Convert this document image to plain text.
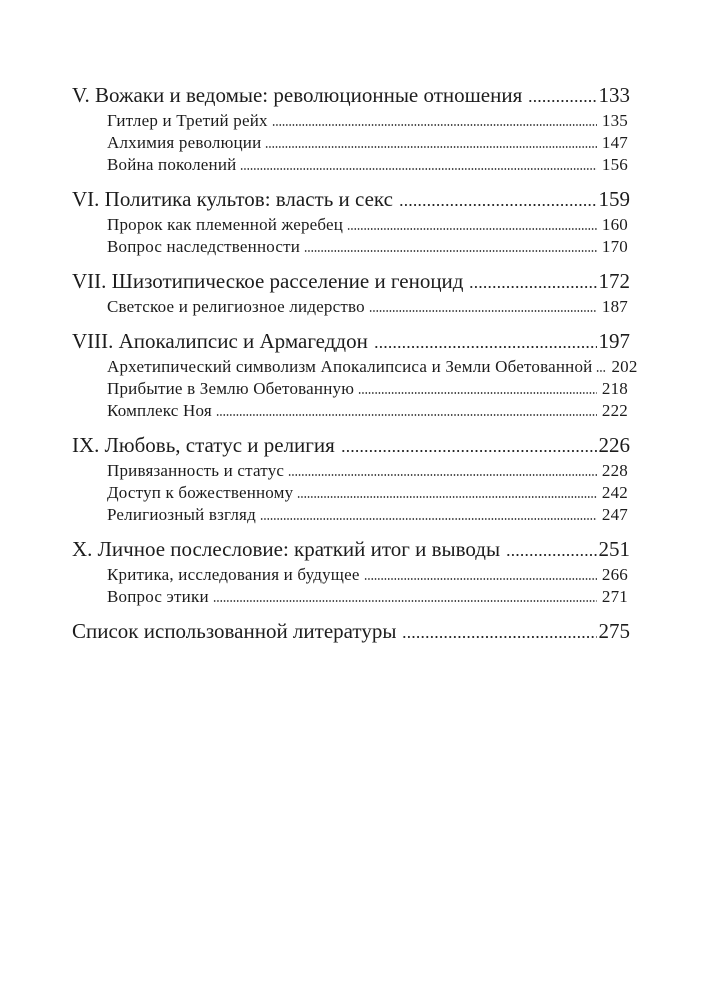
V. Вожаки и ведомые: революционные отношения	133
Гитлер и Третий рейх	135
Алхимия революции	147
Война поколений	156
VI. Политика культов: власть и секс	159
Пророк как племенной жеребец	160
Вопрос наследственности	170
VII. Шизотипическое расселение и геноцид	172
Светское и религиозное лидерство	187
VIII. Апокалипсис и Армагеддон	197
Архетипический символизм Апокалипсиса и Земли Обетованной 202
Прибытие в Землю Обетованную	218
Комплекс Ноя	222
IX. Любовь, статус и религия	226
Привязанность и статус	228
Доступ к божественному	242
Религиозный взгляд	247
X. Личное послесловие: краткий итог и выводы	251
Критика, исследования и будущее	266
Вопрос этики	271
Список использованной литературы	275
